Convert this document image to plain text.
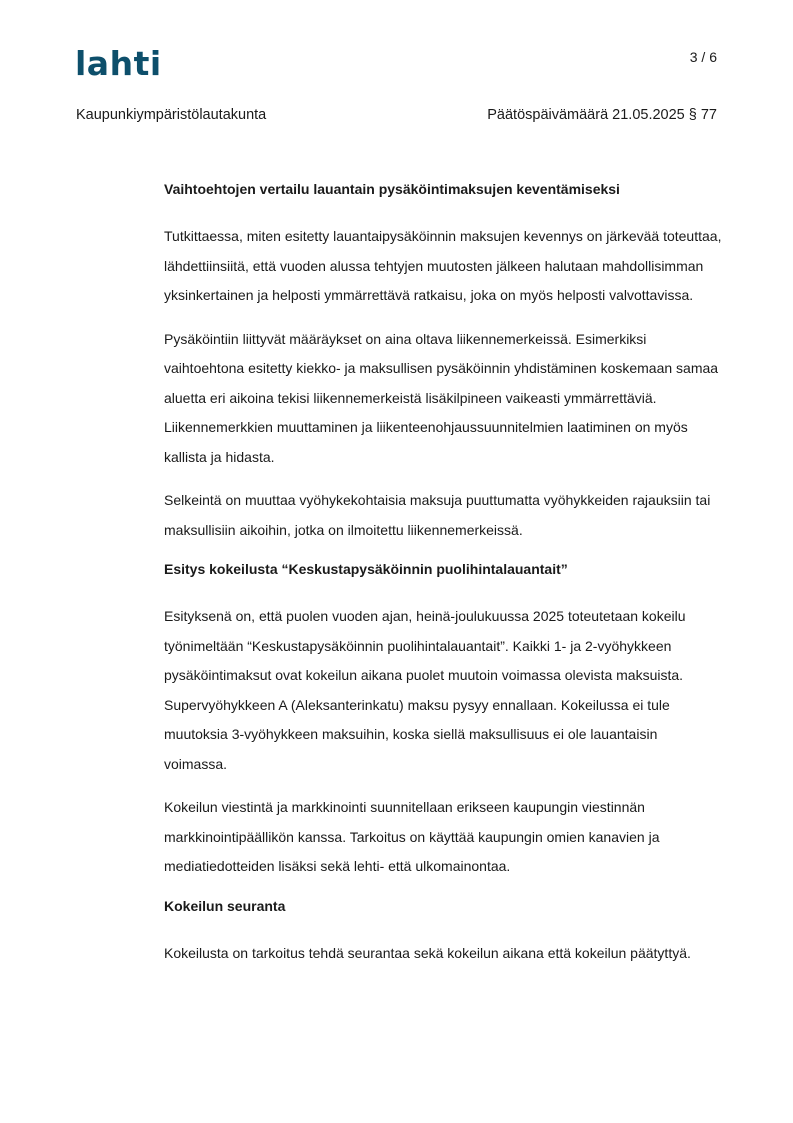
lahti	3 / 6
Kaupunkiympäristölautakunta	Päätöspäivämäärä 21.05.2025 § 77
Vaihtoehtojen vertailu lauantain pysäköintimaksujen keventämiseksi

Tutkittaessa, miten esitetty lauantaipysäköinnin maksujen kevennys on järkevää toteuttaa, lähdettiinsiitä, että vuoden alussa tehtyjen muutosten jälkeen halutaan mahdollisimman yksinkertainen ja helposti ymmärrettävä ratkaisu, joka on myös helposti valvottavissa.

Pysäköintiin liittyvät määräykset on aina oltava liikennemerkeissä. Esimerkiksi vaihtoehtona esitetty kiekko- ja maksullisen pysäköinnin yhdistäminen koskemaan samaa aluetta eri aikoina tekisi liikennemerkeistä lisäkilpineen vaikeasti ymmärrettäviä. Liikennemerkkien muuttaminen ja liikenteenohjaussuunnitelmien laatiminen on myös kallista ja hidasta.

Selkeintä on muuttaa vyöhykekohtaisia maksuja puuttumatta vyöhykkeiden rajauksiin tai maksullisiin aikoihin, jotka on ilmoitettu liikennemerkeissä.

Esitys kokeilusta “Keskustapysäköinnin puolihintalauantait”

Esityksenä on, että puolen vuoden ajan, heinä-joulukuussa 2025 toteutetaan kokeilu työnimeltään “Keskustapysäköinnin puolihintalauantait”. Kaikki 1- ja 2-vyöhykkeen pysäköintimaksut ovat kokeilun aikana puolet muutoin voimassa olevista maksuista. Supervyöhykkeen A (Aleksanterinkatu) maksu pysyy ennallaan. Kokeilussa ei tule muutoksia 3-vyöhykkeen maksuihin, koska siellä maksullisuus ei ole lauantaisin voimassa.

Kokeilun viestintä ja markkinointi suunnitellaan erikseen kaupungin viestinnän markkinointipäällikön kanssa. Tarkoitus on käyttää kaupungin omien kanavien ja mediatiedotteiden lisäksi sekä lehti- että ulkomainontaa.

Kokeilun seuranta

Kokeilusta on tarkoitus tehdä seurantaa sekä kokeilun aikana että kokeilun päätyttyä.
